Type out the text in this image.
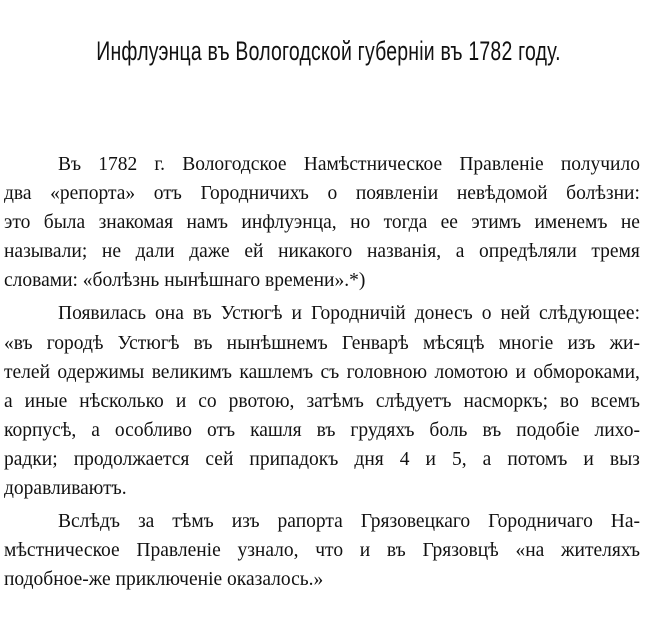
Инфлуэнца въ Вологодской губерніи въ 1782 году.
Въ 1782 г. Вологодское Намѣстническое Правленіе получило
два «репорта» отъ Городничихъ о появленіи невѣдомой болѣзни:
это была знакомая намъ инфлуэнца, но тогда ее этимъ именемъ не
называли; не дали даже ей никакого названія, а опредѣляли тремя
словами: «болѣзнь нынѣшнаго времени».*)
Появилась она въ Устюгѣ и Городничій донесъ о ней слѣдующее:
«въ городѣ Устюгѣ въ нынѣшнемъ Генварѣ мѣсяцѣ многіе изъ жи-
телей одержимы великимъ кашлемъ съ головною ломотою и обмороками,
а иные нѣсколько и со рвотою, затѣмъ слѣдуетъ насморкъ; во всемъ
корпусѣ, а особливо отъ кашля въ грудяхъ боль въ подобіе лихо-
радки; продолжается сей припадокъ дня 4 и 5, а потомъ и выз
доравливаютъ.
Вслѣдъ за тѣмъ изъ рапорта Грязовецкаго Городничаго На-
мѣстническое Правленіе узнало, что и въ Грязовцѣ «на жителяхъ
подобное-же приключеніе оказалось.»
